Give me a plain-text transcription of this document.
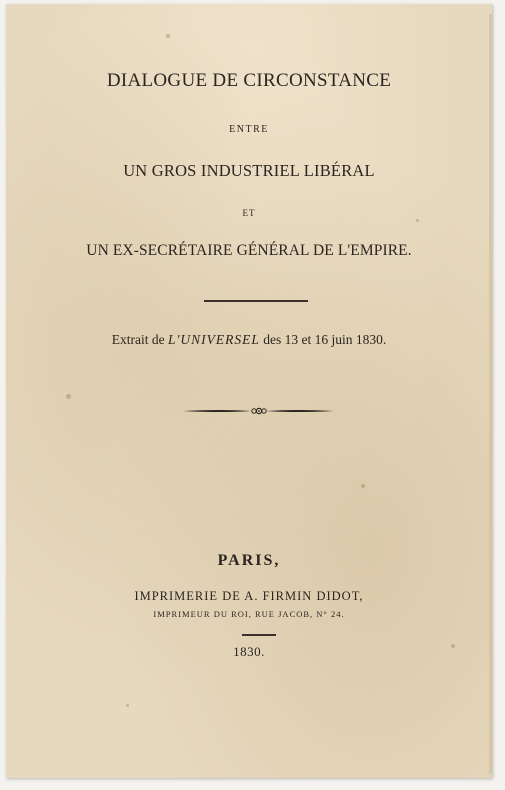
DIALOGUE DE CIRCONSTANCE
ENTRE
UN GROS INDUSTRIEL LIBÉRAL
ET
UN EX-SECRÉTAIRE GÉNÉRAL DE L'EMPIRE.
Extrait de L'UNIVERSEL des 13 et 16 juin 1830.
PARIS,
IMPRIMERIE DE A. FIRMIN DIDOT,
IMPRIMEUR DU ROI, RUE JACOB, N° 24.
1830.
